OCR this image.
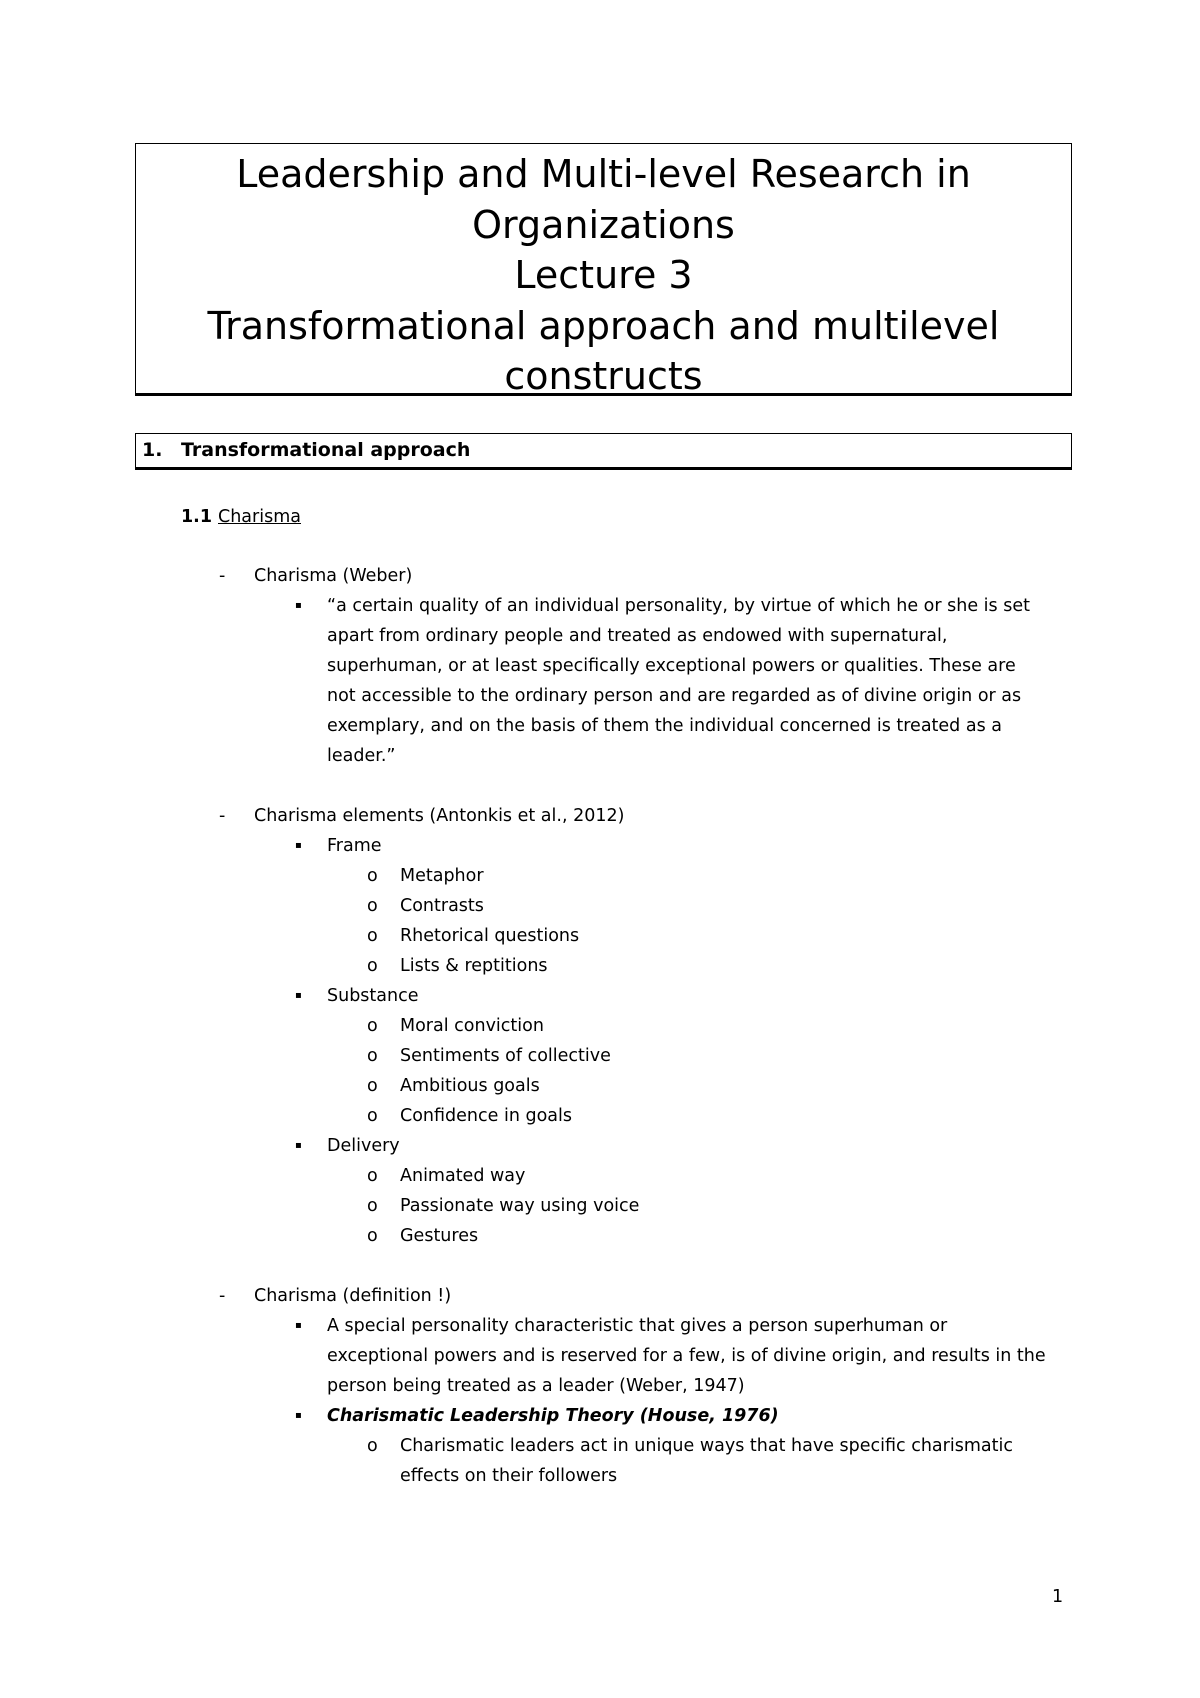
Leadership and Multi-level Research in
Organizations
Lecture 3
Transformational approach and multilevel
constructs
1. Transformational approach
1.1 Charisma
- Charisma (Weber)
▪ “a certain quality of an individual personality, by virtue of which he or she is set
apart from ordinary people and treated as endowed with supernatural,
superhuman, or at least specifically exceptional powers or qualities. These are
not accessible to the ordinary person and are regarded as of divine origin or as
exemplary, and on the basis of them the individual concerned is treated as a
leader.”
- Charisma elements (Antonkis et al., 2012)
▪ Frame
o Metaphor
o Contrasts
o Rhetorical questions
o Lists & reptitions
▪ Substance
o Moral conviction
o Sentiments of collective
o Ambitious goals
o Confidence in goals
▪ Delivery
o Animated way
o Passionate way using voice
o Gestures
- Charisma (definition !)
▪ A special personality characteristic that gives a person superhuman or
exceptional powers and is reserved for a few, is of divine origin, and results in the
person being treated as a leader (Weber, 1947)
▪ Charismatic Leadership Theory (House, 1976)
o Charismatic leaders act in unique ways that have specific charismatic
effects on their followers
1
